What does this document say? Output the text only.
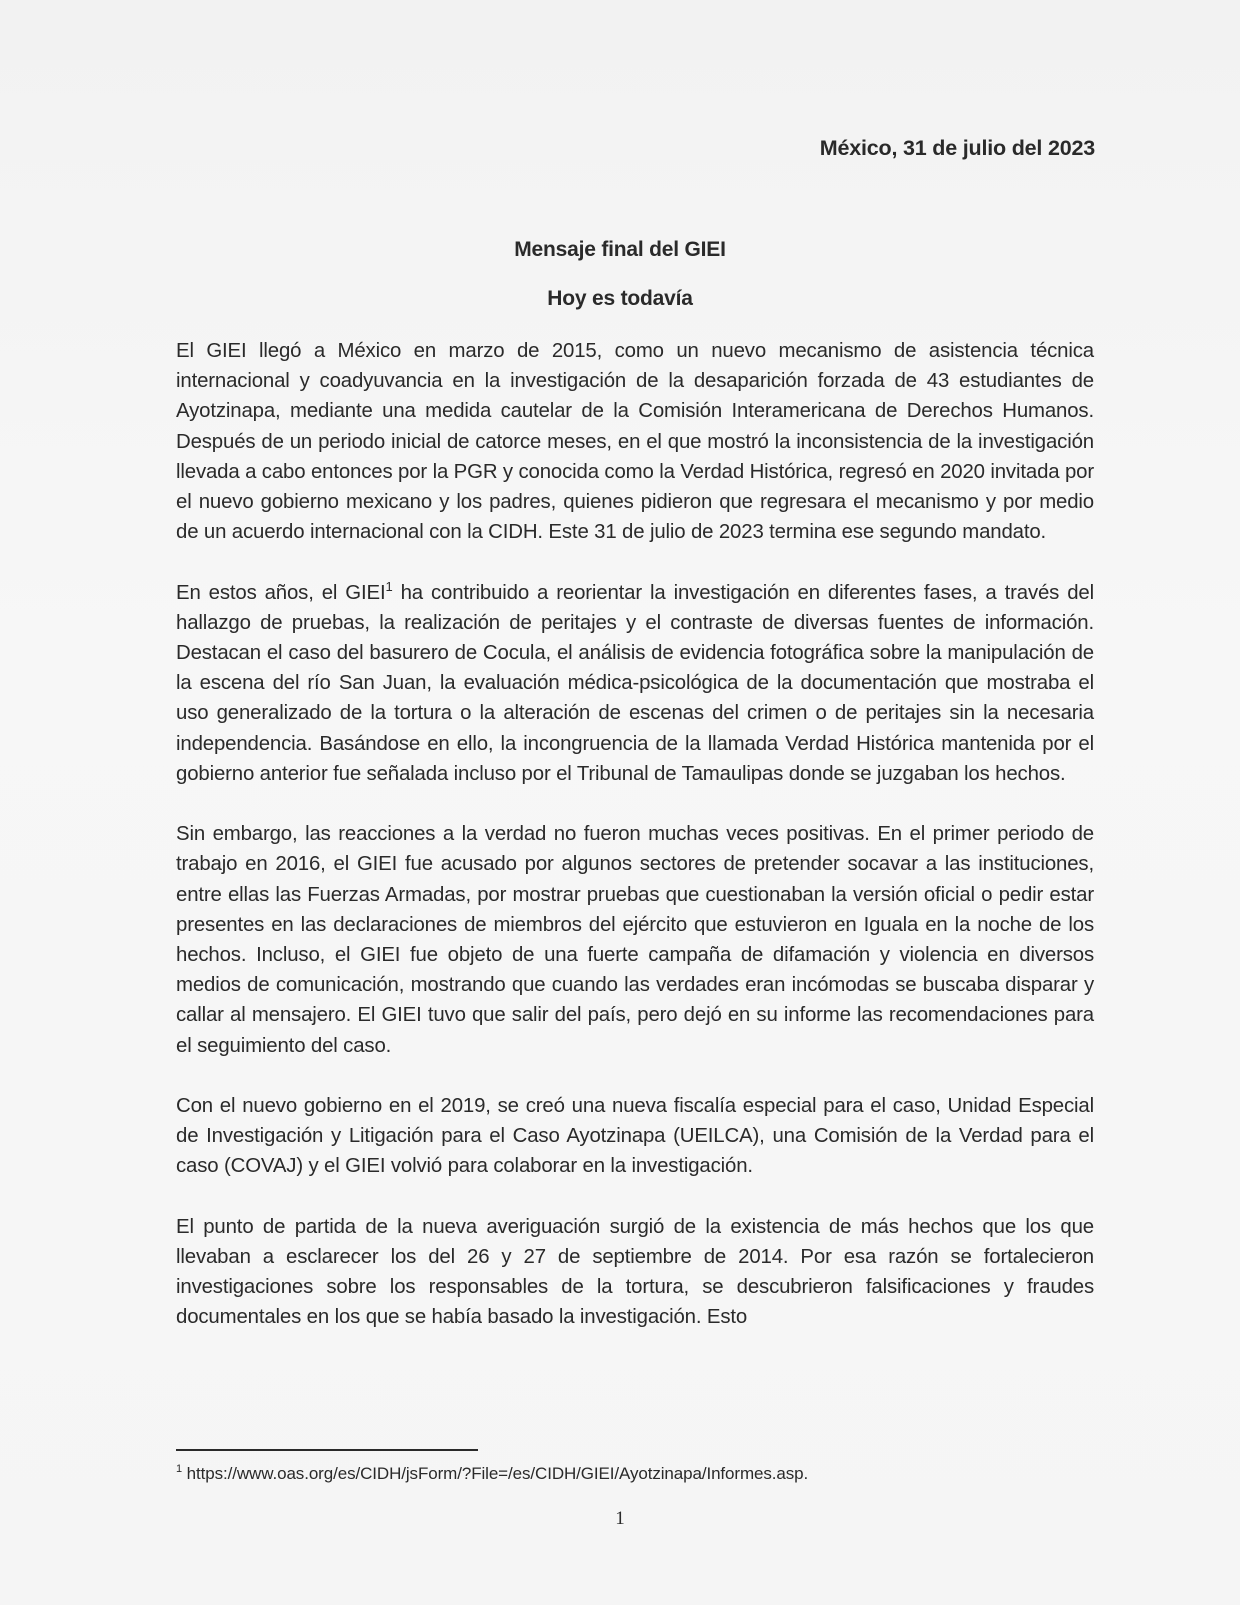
México, 31 de julio del 2023
Mensaje final del GIEI
Hoy es todavía

El GIEI llegó a México en marzo de 2015, como un nuevo mecanismo de asistencia técnica internacional y coadyuvancia en la investigación de la desaparición forzada de 43 estudiantes de Ayotzinapa, mediante una medida cautelar de la Comisión Interamericana de Derechos Humanos. Después de un periodo inicial de catorce meses, en el que mostró la inconsistencia de la investigación llevada a cabo entonces por la PGR y conocida como la Verdad Histórica, regresó en 2020 invitada por el nuevo gobierno mexicano y los padres, quienes pidieron que regresara el mecanismo y por medio de un acuerdo internacional con la CIDH. Este 31 de julio de 2023 termina ese segundo mandato.

En estos años, el GIEI$^1$ ha contribuido a reorientar la investigación en diferentes fases, a través del hallazgo de pruebas, la realización de peritajes y el contraste de diversas fuentes de información. Destacan el caso del basurero de Cocula, el análisis de evidencia fotográfica sobre la manipulación de la escena del río San Juan, la evaluación médica-psicológica de la documentación que mostraba el uso generalizado de la tortura o la alteración de escenas del crimen o de peritajes sin la necesaria independencia. Basándose en ello, la incongruencia de la llamada Verdad Histórica mantenida por el gobierno anterior fue señalada incluso por el Tribunal de Tamaulipas donde se juzgaban los hechos.

Sin embargo, las reacciones a la verdad no fueron muchas veces positivas. En el primer periodo de trabajo en 2016, el GIEI fue acusado por algunos sectores de pretender socavar a las instituciones, entre ellas las Fuerzas Armadas, por mostrar pruebas que cuestionaban la versión oficial o pedir estar presentes en las declaraciones de miembros del ejército que estuvieron en Iguala en la noche de los hechos. Incluso, el GIEI fue objeto de una fuerte campaña de difamación y violencia en diversos medios de comunicación, mostrando que cuando las verdades eran incómodas se buscaba disparar y callar al mensajero. El GIEI tuvo que salir del país, pero dejó en su informe las recomendaciones para el seguimiento del caso.

Con el nuevo gobierno en el 2019, se creó una nueva fiscalía especial para el caso, Unidad Especial de Investigación y Litigación para el Caso Ayotzinapa (UEILCA), una Comisión de la Verdad para el caso (COVAJ) y el GIEI volvió para colaborar en la investigación.

El punto de partida de la nueva averiguación surgió de la existencia de más hechos que los que llevaban a esclarecer los del 26 y 27 de septiembre de 2014. Por esa razón se fortalecieron investigaciones sobre los responsables de la tortura, se descubrieron falsificaciones y fraudes documentales en los que se había basado la investigación. Esto

$^1$ https://www.oas.org/es/CIDH/jsForm/?File=/es/CIDH/GIEI/Ayotzinapa/Informes.asp.
1
